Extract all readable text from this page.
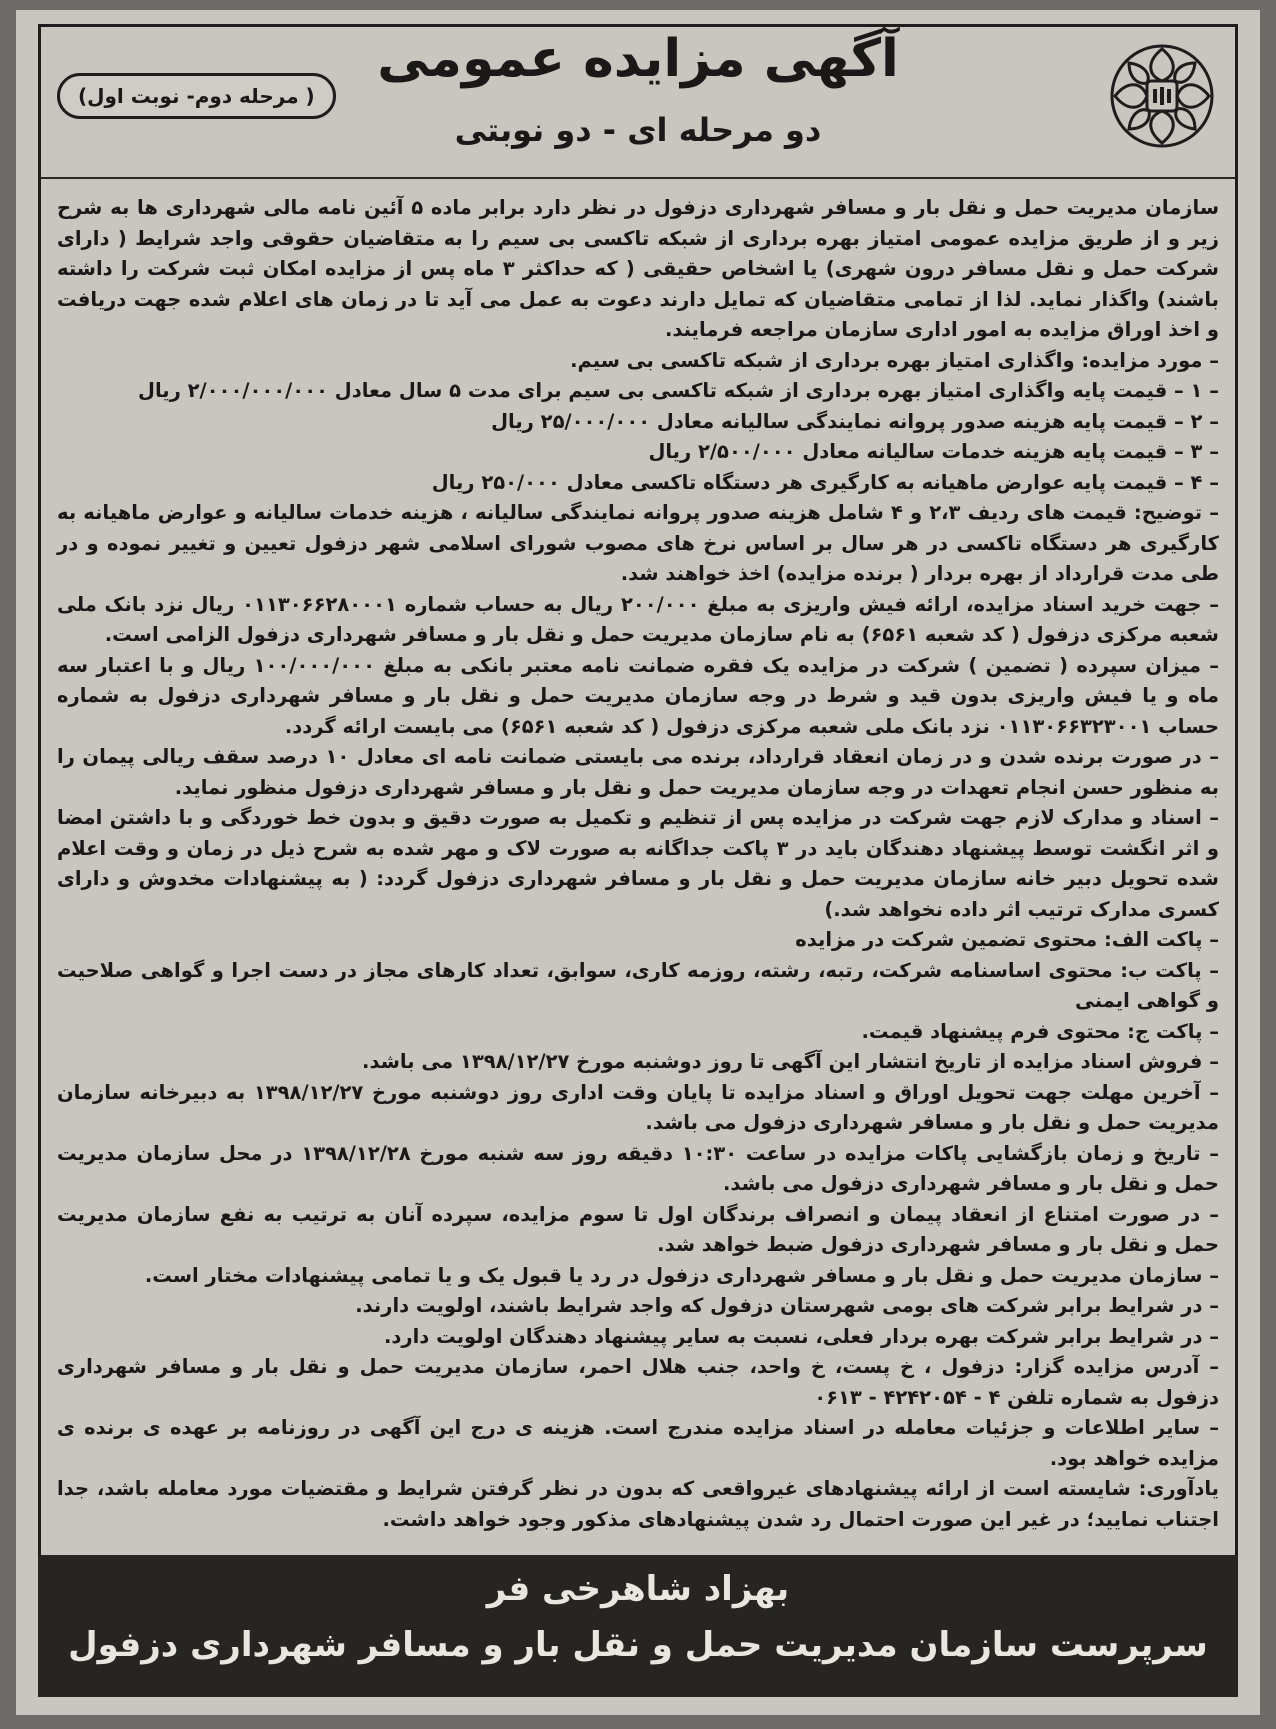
( مرحله دوم- نوبت اول)
آگهی مزایده عمومی
دو مرحله ای - دو نوبتی

سازمان مدیریت حمل و نقل بار و مسافر شهرداری دزفول در نظر دارد برابر ماده ۵ آئین نامه مالی شهرداری ها به شرح زیر و از طریق مزایده عمومی امتیاز بهره برداری از شبکه تاکسی بی سیم را به متقاضیان حقوقی واجد شرایط ( دارای شرکت حمل و نقل مسافر درون شهری) یا اشخاص حقیقی ( که حداکثر ۳ ماه پس از مزایده امکان ثبت شرکت را داشته باشند) واگذار نماید. لذا از تمامی متقاضیان که تمایل دارند دعوت به عمل می آید تا در زمان های اعلام شده جهت دریافت و اخذ اوراق مزایده به امور اداری سازمان مراجعه فرمایند.

– مورد مزایده: واگذاری امتیاز بهره برداری از شبکه تاکسی بی سیم.

– ۱ – قیمت پایه واگذاری امتیاز بهره برداری از شبکه تاکسی بی سیم برای مدت ۵ سال معادل ۲/۰۰۰/۰۰۰/۰۰۰ ریال

– ۲ – قیمت پایه هزینه صدور پروانه نمایندگی سالیانه معادل ۲۵/۰۰۰/۰۰۰ ریال

– ۳ – قیمت پایه هزینه خدمات سالیانه معادل ۲/۵۰۰/۰۰۰ ریال

– ۴ – قیمت پایه عوارض ماهیانه به کارگیری هر دستگاه تاکسی معادل ۲۵۰/۰۰۰ ریال

– توضیح: قیمت های ردیف ۲،۳ و ۴ شامل هزینه صدور پروانه نمایندگی سالیانه ، هزینه خدمات سالیانه و عوارض ماهیانه به کارگیری هر دستگاه تاکسی در هر سال بر اساس نرخ های مصوب شورای اسلامی شهر دزفول تعیین و تغییر نموده و در طی مدت قرارداد از بهره بردار ( برنده مزایده) اخذ خواهند شد.

– جهت خرید اسناد مزایده، ارائه فیش واریزی به مبلغ ۲۰۰/۰۰۰ ریال به حساب شماره ۰۱۱۳۰۶۶۲۸۰۰۰۱ ریال نزد بانک ملی شعبه مرکزی دزفول ( کد شعبه ۶۵۶۱) به نام سازمان مدیریت حمل و نقل بار و مسافر شهرداری دزفول الزامی است.

– میزان سپرده ( تضمین ) شرکت در مزایده یک فقره ضمانت نامه معتبر بانکی به مبلغ ۱۰۰/۰۰۰/۰۰۰ ریال و با اعتبار سه ماه و یا فیش واریزی بدون قید و شرط در وجه سازمان مدیریت حمل و نقل بار و مسافر شهرداری دزفول به شماره حساب ۰۱۱۳۰۶۶۳۲۳۰۰۱ نزد بانک ملی شعبه مرکزی دزفول ( کد شعبه ۶۵۶۱) می بایست ارائه گردد.

– در صورت برنده شدن و در زمان انعقاد قرارداد، برنده می بایستی ضمانت نامه ای معادل ۱۰ درصد سقف ریالی پیمان را به منظور حسن انجام تعهدات در وجه سازمان مدیریت حمل و نقل بار و مسافر شهرداری دزفول منظور نماید.

– اسناد و مدارک لازم جهت شرکت در مزایده پس از تنظیم و تکمیل به صورت دقیق و بدون خط خوردگی و با داشتن امضا و اثر انگشت توسط پیشنهاد دهندگان باید در ۳ پاکت جداگانه به صورت لاک و مهر شده به شرح ذیل در زمان و وقت اعلام شده تحویل دبیر خانه سازمان مدیریت حمل و نقل بار و مسافر شهرداری دزفول گردد: ( به پیشنهادات مخدوش و دارای کسری مدارک ترتیب اثر داده نخواهد شد.)

– پاکت الف: محتوی تضمین شرکت در مزایده

– پاکت ب: محتوی اساسنامه شرکت، رتبه، رشته، روزمه کاری، سوابق، تعداد کارهای مجاز در دست اجرا و گواهی صلاحیت و گواهی ایمنی

– پاکت ج: محتوی فرم پیشنهاد قیمت.

– فروش اسناد مزایده از تاریخ انتشار این آگهی تا روز دوشنبه مورخ ۱۳۹۸/۱۲/۲۷ می باشد.

– آخرین مهلت جهت تحویل اوراق و اسناد مزایده تا پایان وقت اداری روز دوشنبه مورخ ۱۳۹۸/۱۲/۲۷ به دبیرخانه سازمان مدیریت حمل و نقل بار و مسافر شهرداری دزفول می باشد.

– تاریخ و زمان بازگشایی پاکات مزایده در ساعت ۱۰:۳۰ دقیقه روز سه شنبه مورخ ۱۳۹۸/۱۲/۲۸ در محل سازمان مدیریت حمل و نقل بار و مسافر شهرداری دزفول می باشد.

– در صورت امتناع از انعقاد پیمان و انصراف برندگان اول تا سوم مزایده، سپرده آنان به ترتیب به نفع سازمان مدیریت حمل و نقل بار و مسافر شهرداری دزفول ضبط خواهد شد.

– سازمان مدیریت حمل و نقل بار و مسافر شهرداری دزفول در رد یا قبول یک و یا تمامی پیشنهادات مختار است.

– در شرایط برابر شرکت های بومی شهرستان دزفول که واجد شرایط باشند، اولویت دارند.

– در شرایط برابر شرکت بهره بردار فعلی، نسبت به سایر پیشنهاد دهندگان اولویت دارد.

– آدرس مزایده گزار: دزفول ، خ پست، خ واحد، جنب هلال احمر، سازمان مدیریت حمل و نقل بار و مسافر شهرداری دزفول به شماره تلفن ۴ - ۴۲۴۲۰۵۴ - ۰۶۱۳

– سایر اطلاعات و جزئیات معامله در اسناد مزایده مندرج است. هزینه ی درج این آگهی در روزنامه بر عهده ی برنده ی مزایده خواهد بود.

یادآوری: شایسته است از ارائه پیشنهادهای غیرواقعی که بدون در نظر گرفتن شرایط و مقتضیات مورد معامله باشد، جدا اجتناب نمایید؛ در غیر این صورت احتمال رد شدن پیشنهادهای مذکور وجود خواهد داشت.

بهزاد شاهرخی فر
سرپرست سازمان مدیریت حمل و نقل بار و مسافر شهرداری دزفول
